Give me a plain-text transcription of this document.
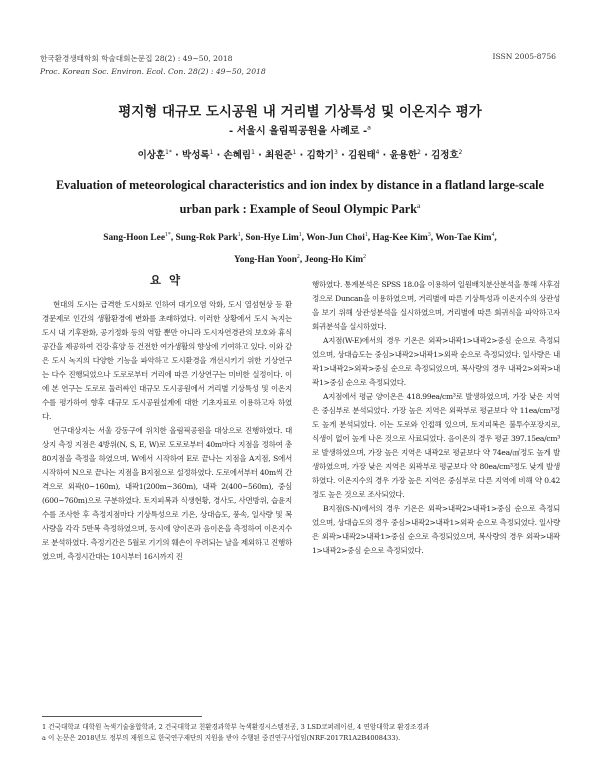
한국환경생태학회 학술대회논문집 28(2) : 49~50, 2018
Proc. Korean Soc. Environ. Ecol. Con. 28(2) : 49~50, 2018
ISSN 2005-8756
평지형 대규모 도시공원 내 거리별 기상특성 및 이온지수 평가
- 서울시 올림픽공원을 사례로 -$^a$
이상훈$^{1*}$ · 박성록$^1$ · 손혜림$^1$ · 최원준$^1$ · 김학기$^3$ · 김원태$^4$ · 윤용한$^2$ · 김정호$^2$
Evaluation of meteorological characteristics and ion index by distance in a flatland large-scale urban park : Example of Seoul Olympic Park$^a$
Sang-Hoon Lee$^{1*}$, Sung-Rok Park$^1$, Son-Hye Lim$^1$, Won-Jun Choi$^1$, Hag-Kee Kim$^3$, Won-Tae Kim$^4$,
Yong-Han Yoon$^2$, Jeong-Ho Kim$^2$
요 약

현대의 도시는 급격한 도시화로 인하여 대기오염 악화, 도시 열섬현상 등 환경문제로 인간의 생활환경에 변화를 초래하였다. 이러한 상황에서 도시 녹지는 도시 내 기후완화, 공기정화 등의 역할 뿐만 아니라 도시자연경관의 보호와 휴식공간을 제공하여 건강·휴양 등 건전한 여가생활의 향상에 기여하고 있다. 이와 같은 도시 녹지의 다양한 기능을 파악하고 도시환경을 개선시키기 위한 기상연구는 다수 진행되었으나 도로로부터 거리에 따른 기상연구는 미비한 실정이다. 이에 본 연구는 도로로 둘러싸인 대규모 도시공원에서 거리별 기상특성 및 이온지수를 평가하여 향후 대규모 도시공원설계에 대한 기초자료로 이용하고자 하였다.

연구대상지는 서울 강동구에 위치한 올림픽공원을 대상으로 진행하였다. 대상지 측정 지점은 4방위(N, S, E, W)로 도로로부터 40m마다 지점을 정하여 총 80지점을 측정을 하였으며, W에서 시작하여 E로 끝나는 지점을 A지점, S에서 시작하여 N으로 끝나는 지점을 B지점으로 설정하였다. 도로에서부터 40m씩 간격으로 외곽(0~160m), 내곽1(200m~360m), 내곽 2(400~560m), 중심(600~760m)으로 구분하였다. 토지피복과 식생현황, 경사도, 사면방위, 습윤지수를 조사한 후 측정지점마다 기상특성으로 기온, 상대습도, 풍속, 일사량 및 복사량을 각각 5반복 측정하였으며, 동시에 양이온과 음이온을 측정하여 이온지수로 분석하였다. 측정기간은 5월로 기기의 훼손이 우려되는 날을 제외하고 진행하였으며, 측정시간대는 10시부터 16시까지 진

행하였다. 통계분석은 SPSS 18.0을 이용하여 일원배치분산분석을 통해 사후검정으로 Duncan을 이용하였으며, 거리별에 따른 기상특성과 이온지수의 상관성을 보기 위해 상관성분석을 실시하였으며, 거리별에 따른 회귀식을 파악하고자 회귀분석을 실시하였다.

A지점(W-E)에서의 경우 기온은 외곽>내곽1>내곽2>중심 순으로 측정되었으며, 상대습도는 중심>내곽2>내곽1>외곽 순으로 측정되었다. 일사량은 내곽1>내곽2>외곽>중심 순으로 측정되었으며, 복사량의 경우 내곽2>외곽>내곽1>중심 순으로 측정되었다.

A지점에서 평균 양이온은 418.99ea/cm³로 발생하였으며, 가장 낮은 지역은 중심부로 분석되었다. 가장 높은 지역은 외곽부로 평균보다 약 11ea/cm³정도 높게 분석되었다. 이는 도로와 인접해 있으며, 토지피복은 불투수포장지로, 식생이 없어 높게 나온 것으로 사료되었다. 음이온의 경우 평균 397.15ea/cm³로 발생하였으며, 가장 높은 지역은 내곽2로 평균보다 약 74ea/㎤정도 높게 발생하였으며, 가장 낮은 지역은 외곽부로 평균보다 약 80ea/cm³정도 낮게 발생하였다. 이온지수의 경우 가장 높은 지역은 중심부로 다른 지역에 비해 약 0.42정도 높은 것으로 조사되었다.

B지점(S-N)에서의 경우 기온은 외곽>내곽2>내곽1>중심 순으로 측정되었으며, 상대습도의 경우 중심>내곽2>내곽1>외곽 순으로 측정되었다. 일사량은 외곽>내곽2>내곽1>중심 순으로 측정되었으며, 복사량의 경우 외곽>내곽1>내곽2>중심 순으로 측정되었다.

1 건국대학교 대학원 녹색기술융합학과, 2 건국대학교 친환경과학부 녹색환경시스템전공, 3 LSD코퍼레이션, 4 연암대학교 환경조경과
a 이 논문은 2018년도 정부의 재원으로 한국연구재단의 지원을 받아 수행된 중견연구사업임(NRF-2017R1A2B4008433).
